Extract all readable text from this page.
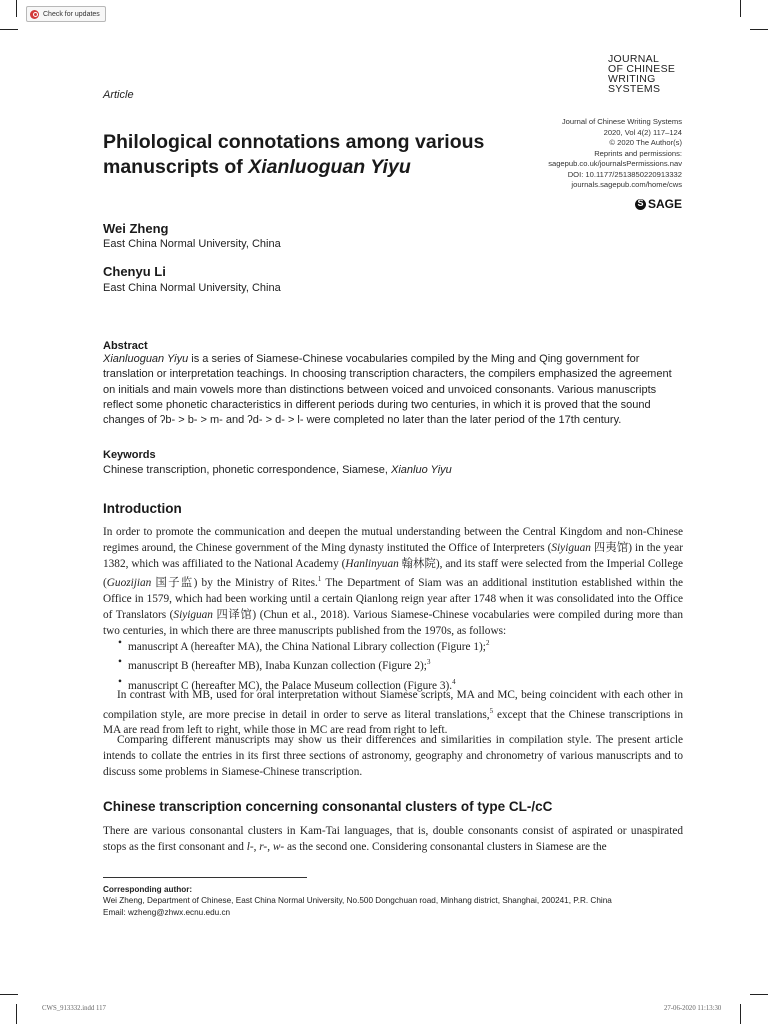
Check for updates
JOURNAL
OF CHINESE
WRITING
SYSTEMS
Article
Philological connotations among various
manuscripts of Xianluoguan Yiyu
Journal of Chinese Writing Systems
2020, Vol 4(2) 117–124
© 2020 The Author(s)
Reprints and permissions:
sagepub.co.uk/journalsPermissions.nav
DOI: 10.1177/2513850220913332
journals.sagepub.com/home/cws
S
SAGE
Wei Zheng
East China Normal University, China
Chenyu Li
East China Normal University, China
Abstract
Xianluoguan Yiyu is a series of Siamese-Chinese vocabularies compiled by the Ming and Qing government for translation or interpretation teachings. In choosing transcription characters, the compilers emphasized the agreement on initials and main vowels more than distinctions between voiced and unvoiced consonants. Various manuscripts reflect some phonetic characteristics in different periods during two centuries, in which it is proved that the sound changes of ʔb- > b- > m- and ʔd- > d- > l- were completed no later than the later period of the 17th century.
Keywords
Chinese transcription, phonetic correspondence, Siamese, Xianluo Yiyu
Introduction
In order to promote the communication and deepen the mutual understanding between the Central Kingdom and non-Chinese regimes around, the Chinese government of the Ming dynasty instituted the Office of Interpreters (Siyiguan 四夷馆) in the year 1382, which was affiliated to the National Academy (Hanlinyuan 翰林院), and its staff were selected from the Imperial College (Guozijian 国子监) by the Ministry of Rites.$^1$ The Department of Siam was an additional institution established within the Office in 1579, which had been working until a certain Qianlong reign year after 1748 when it was consolidated into the Office of Translators (Siyiguan 四译馆) (Chun et al., 2018). Various Siamese-Chinese vocabularies were compiled during more than two centuries, in which there are three manuscripts published from the 1970s, as follows:
• manuscript A (hereafter MA), the China National Library collection (Figure 1);$^2$
• manuscript B (hereafter MB), Inaba Kunzan collection (Figure 2);$^3$
• manuscript C (hereafter MC), the Palace Museum collection (Figure 3).$^4$
In contrast with MB, used for oral interpretation without Siamese scripts, MA and MC, being coincident with each other in compilation style, are more precise in detail in order to serve as literal translations,$^5$ except that the Chinese transcriptions in MA are read from left to right, while those in MC are read from right to left.
Comparing different manuscripts may show us their differences and similarities in compilation style. The present article intends to collate the entries in its first three sections of astronomy, geography and chronometry of various manuscripts and to discuss some problems in Siamese-Chinese transcription.
Chinese transcription concerning consonantal clusters of type CL-/cC
There are various consonantal clusters in Kam-Tai languages, that is, double consonants consist of aspirated or unaspirated stops as the first consonant and l-, r-, w- as the second one. Considering consonantal clusters in Siamese are the
Corresponding author:
Wei Zheng, Department of Chinese, East China Normal University, No.500 Dongchuan road, Minhang district, Shanghai, 200241, P.R. China
Email: wzheng@zhwx.ecnu.edu.cn
CWS_913332.indd 117	27-06-2020 11:13:30
